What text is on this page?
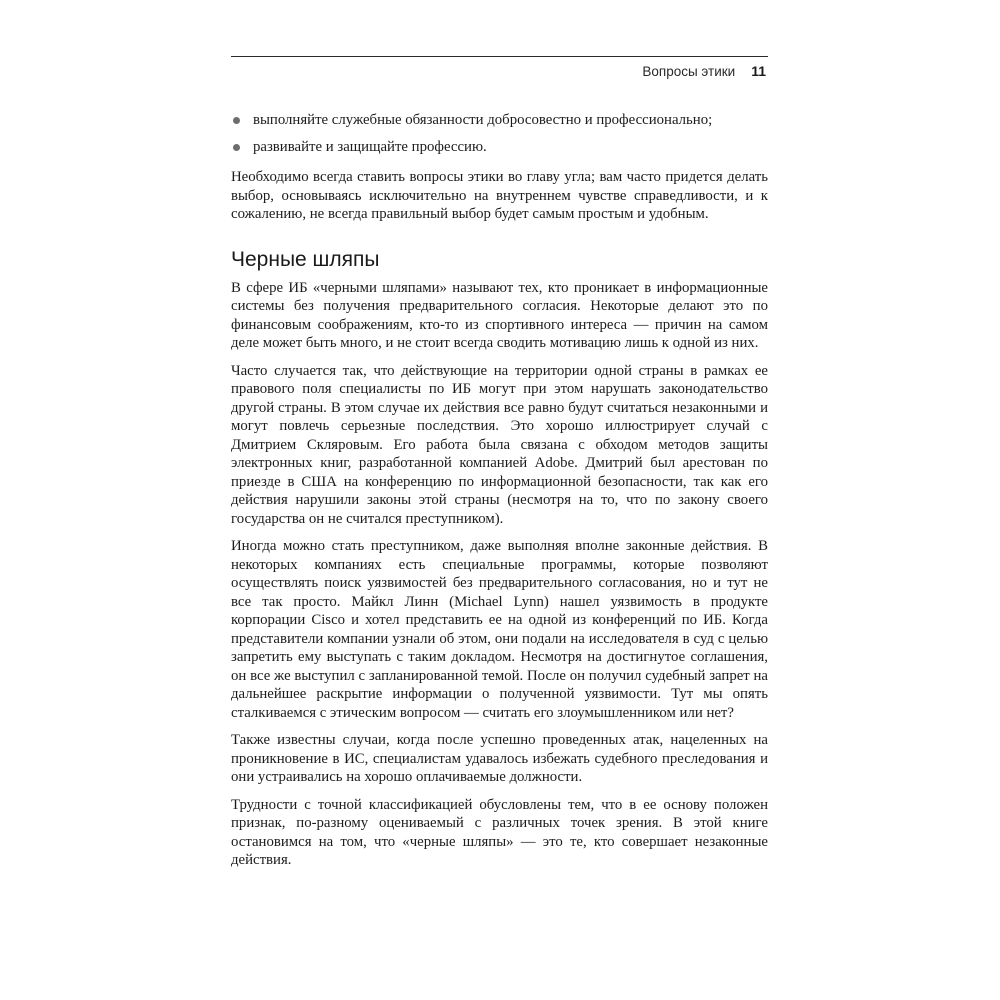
Вопросы этики 11
выполняйте служебные обязанности добросовестно и профессионально;
развивайте и защищайте профессию.

Необходимо всегда ставить вопросы этики во главу угла; вам часто придется делать выбор, основываясь исключительно на внутреннем чувстве справедливости, и к сожалению, не всегда правильный выбор будет самым простым и удобным.

Черные шляпы

В сфере ИБ «черными шляпами» называют тех, кто проникает в информационные системы без получения предварительного согласия. Некоторые делают это по финансовым соображениям, кто-то из спортивного интереса — причин на самом деле может быть много, и не стоит всегда сводить мотивацию лишь к одной из них.

Часто случается так, что действующие на территории одной страны в рамках ее правового поля специалисты по ИБ могут при этом нарушать законодательство другой страны. В этом случае их действия все равно будут считаться незаконными и могут повлечь серьезные последствия. Это хорошо иллюстрирует случай с Дмитрием Скляровым. Его работа была связана с обходом методов защиты электронных книг, разработанной компанией Adobe. Дмитрий был арестован по приезде в США на конференцию по информационной безопасности, так как его действия нарушили законы этой страны (несмотря на то, что по закону своего государства он не считался преступником).

Иногда можно стать преступником, даже выполняя вполне законные действия. В некоторых компаниях есть специальные программы, которые позволяют осуществлять поиск уязвимостей без предварительного согласования, но и тут не все так просто. Майкл Линн (Michael Lynn) нашел уязвимость в продукте корпорации Cisco и хотел представить ее на одной из конференций по ИБ. Когда представители компании узнали об этом, они подали на исследователя в суд с целью запретить ему выступать с таким докладом. Несмотря на достигнутое соглашения, он все же выступил с запланированной темой. После он получил судебный запрет на дальнейшее раскрытие информации о полученной уязвимости. Тут мы опять сталкиваемся с этическим вопросом — считать его злоумышленником или нет?

Также известны случаи, когда после успешно проведенных атак, нацеленных на проникновение в ИС, специалистам удавалось избежать судебного преследования и они устраивались на хорошо оплачиваемые должности.

Трудности с точной классификацией обусловлены тем, что в ее основу положен признак, по-разному оцениваемый с различных точек зрения. В этой книге остановимся на том, что «черные шляпы» — это те, кто совершает незаконные действия.
